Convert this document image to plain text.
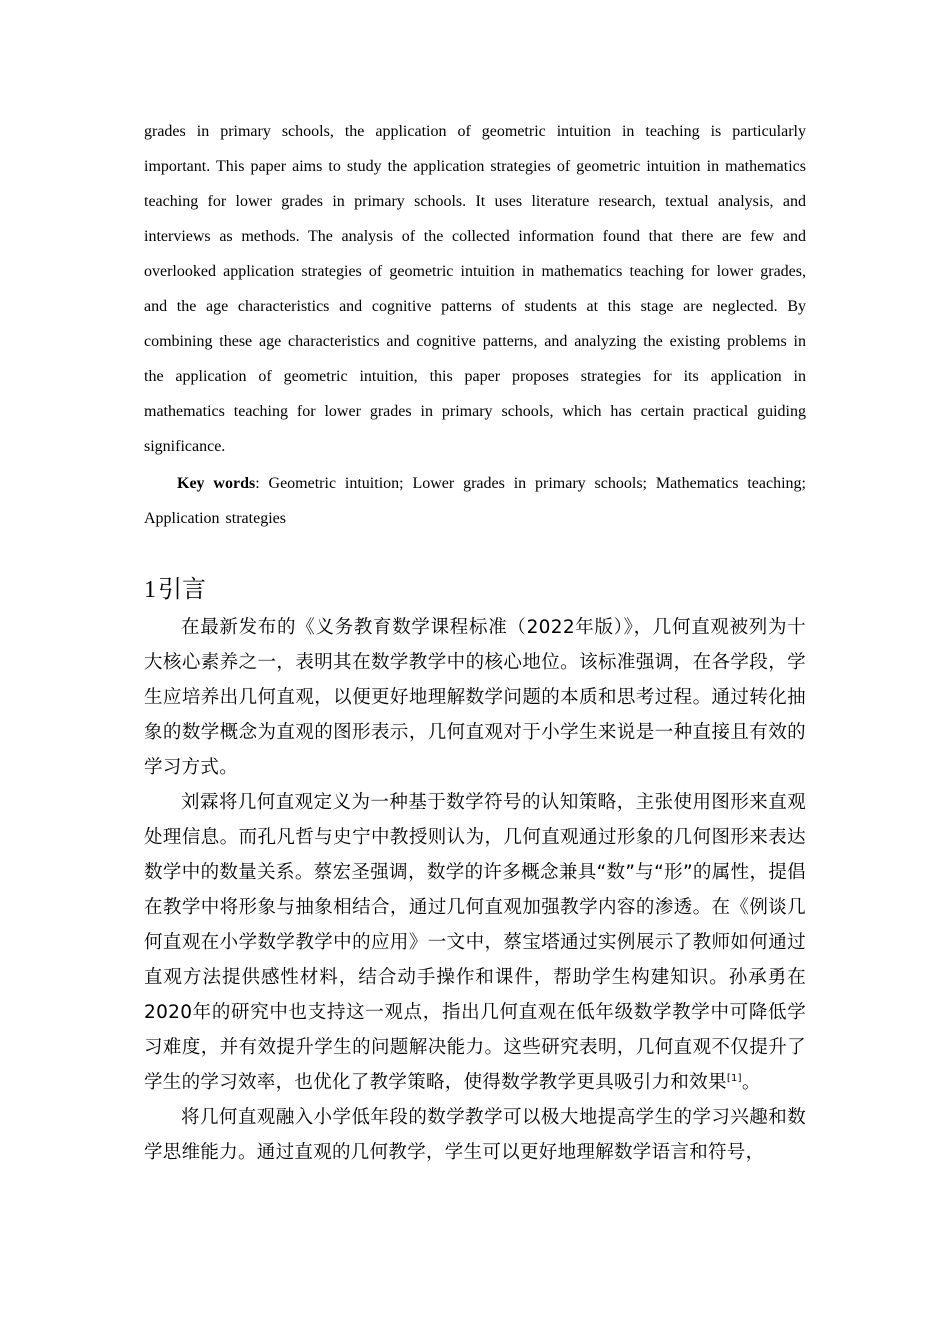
grades in primary schools, the application of geometric intuition in teaching is particularly important. This paper aims to study the application strategies of geometric intuition in mathematics teaching for lower grades in primary schools. It uses literature research, textual analysis, and interviews as methods. The analysis of the collected information found that there are few and overlooked application strategies of geometric intuition in mathematics teaching for lower grades, and the age characteristics and cognitive patterns of students at this stage are neglected. By combining these age characteristics and cognitive patterns, and analyzing the existing problems in the application of geometric intuition, this paper proposes strategies for its application in mathematics teaching for lower grades in primary schools, which has certain practical guiding significance.

Key words: Geometric intuition; Lower grades in primary schools; Mathematics teaching; Application strategies

1引言

在最新发布的《义务教育数学课程标准（2022年版）》，几何直观被列为十大核心素养之一，表明其在数学教学中的核心地位。该标准强调，在各学段，学生应培养出几何直观，以便更好地理解数学问题的本质和思考过程。通过转化抽象的数学概念为直观的图形表示，几何直观对于小学生来说是一种直接且有效的学习方式。

刘霖将几何直观定义为一种基于数学符号的认知策略，主张使用图形来直观处理信息。而孔凡哲与史宁中教授则认为，几何直观通过形象的几何图形来表达数学中的数量关系。蔡宏圣强调，数学的许多概念兼具“数”与“形”的属性，提倡在教学中将形象与抽象相结合，通过几何直观加强教学内容的渗透。在《例谈几何直观在小学数学教学中的应用》一文中，蔡宝塔通过实例展示了教师如何通过直观方法提供感性材料，结合动手操作和课件，帮助学生构建知识。孙承勇在2020年的研究中也支持这一观点，指出几何直观在低年级数学教学中可降低学习难度，并有效提升学生的问题解决能力。这些研究表明，几何直观不仅提升了学生的学习效率，也优化了教学策略，使得数学教学更具吸引力和效果[1]。

将几何直观融入小学低年段的数学教学可以极大地提高学生的学习兴趣和数学思维能力。通过直观的几何教学，学生可以更好地理解数学语言和符号，
